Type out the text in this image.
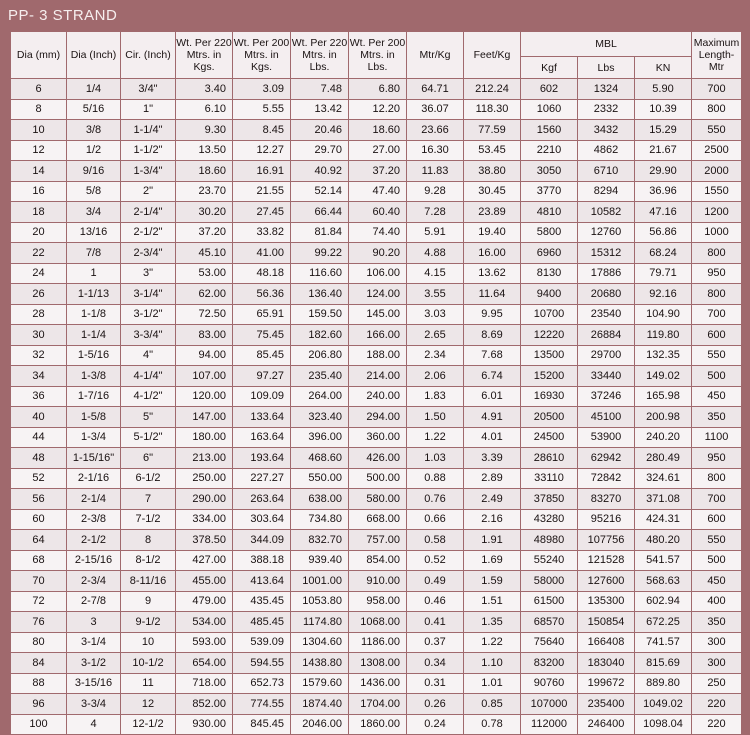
PP- 3 STRAND
Dia (mm)	Dia (Inch)	Cir. (Inch)	Wt. Per 220 Mtrs. in Kgs.	Wt. Per 200 Mtrs. in Kgs.	Wt. Per 220 Mtrs. in Lbs.	Wt. Per 200 Mtrs. in Lbs.	Mtr/Kg	Feet/Kg	MBL			Maximum Length- Mtr
									Kgf	Lbs	KN	
6	1/4	3/4"	3.40	3.09	7.48	6.80	64.71	212.24	602	1324	5.90	700
8	5/16	1"	6.10	5.55	13.42	12.20	36.07	118.30	1060	2332	10.39	800
10	3/8	1-1/4"	9.30	8.45	20.46	18.60	23.66	77.59	1560	3432	15.29	550
12	1/2	1-1/2"	13.50	12.27	29.70	27.00	16.30	53.45	2210	4862	21.67	2500
14	9/16	1-3/4"	18.60	16.91	40.92	37.20	11.83	38.80	3050	6710	29.90	2000
16	5/8	2"	23.70	21.55	52.14	47.40	9.28	30.45	3770	8294	36.96	1550
18	3/4	2-1/4"	30.20	27.45	66.44	60.40	7.28	23.89	4810	10582	47.16	1200
20	13/16	2-1/2"	37.20	33.82	81.84	74.40	5.91	19.40	5800	12760	56.86	1000
22	7/8	2-3/4"	45.10	41.00	99.22	90.20	4.88	16.00	6960	15312	68.24	800
24	1	3"	53.00	48.18	116.60	106.00	4.15	13.62	8130	17886	79.71	950
26	1-1/13	3-1/4"	62.00	56.36	136.40	124.00	3.55	11.64	9400	20680	92.16	800
28	1-1/8	3-1/2"	72.50	65.91	159.50	145.00	3.03	9.95	10700	23540	104.90	700
30	1-1/4	3-3/4"	83.00	75.45	182.60	166.00	2.65	8.69	12220	26884	119.80	600
32	1-5/16	4"	94.00	85.45	206.80	188.00	2.34	7.68	13500	29700	132.35	550
34	1-3/8	4-1/4"	107.00	97.27	235.40	214.00	2.06	6.74	15200	33440	149.02	500
36	1-7/16	4-1/2"	120.00	109.09	264.00	240.00	1.83	6.01	16930	37246	165.98	450
40	1-5/8	5"	147.00	133.64	323.40	294.00	1.50	4.91	20500	45100	200.98	350
44	1-3/4	5-1/2"	180.00	163.64	396.00	360.00	1.22	4.01	24500	53900	240.20	1100
48	1-15/16"	6"	213.00	193.64	468.60	426.00	1.03	3.39	28610	62942	280.49	950
52	2-1/16	6-1/2	250.00	227.27	550.00	500.00	0.88	2.89	33110	72842	324.61	800
56	2-1/4	7	290.00	263.64	638.00	580.00	0.76	2.49	37850	83270	371.08	700
60	2-3/8	7-1/2	334.00	303.64	734.80	668.00	0.66	2.16	43280	95216	424.31	600
64	2-1/2	8	378.50	344.09	832.70	757.00	0.58	1.91	48980	107756	480.20	550
68	2-15/16	8-1/2	427.00	388.18	939.40	854.00	0.52	1.69	55240	121528	541.57	500
70	2-3/4	8-11/16	455.00	413.64	1001.00	910.00	0.49	1.59	58000	127600	568.63	450
72	2-7/8	9	479.00	435.45	1053.80	958.00	0.46	1.51	61500	135300	602.94	400
76	3	9-1/2	534.00	485.45	1174.80	1068.00	0.41	1.35	68570	150854	672.25	350
80	3-1/4	10	593.00	539.09	1304.60	1186.00	0.37	1.22	75640	166408	741.57	300
84	3-1/2	10-1/2	654.00	594.55	1438.80	1308.00	0.34	1.10	83200	183040	815.69	300
88	3-15/16	11	718.00	652.73	1579.60	1436.00	0.31	1.01	90760	199672	889.80	250
96	3-3/4	12	852.00	774.55	1874.40	1704.00	0.26	0.85	107000	235400	1049.02	220
100	4	12-1/2	930.00	845.45	2046.00	1860.00	0.24	0.78	112000	246400	1098.04	220
